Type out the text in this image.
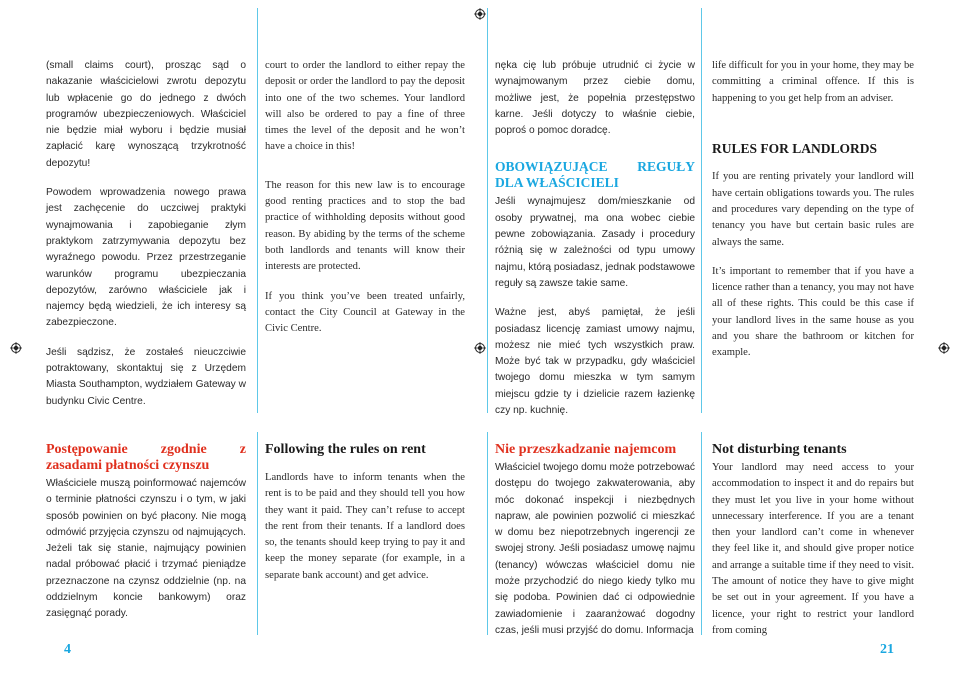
(small claims court), prosząc sąd o nakazanie właścicielowi zwrotu depozytu lub wpłacenie go do jednego z dwóch programów ubezpieczeniowych. Właściciel nie będzie miał wyboru i będzie musiał zapłacić karę wynoszącą trzykrotność depozytu!

Powodem wprowadzenia nowego prawa jest zachęcenie do uczciwej praktyki wynajmowania i zapobieganie złym praktykom zatrzymywania depozytu bez wyraźnego powodu. Przez przestrzeganie warunków programu ubezpieczania depozytów, zarówno właściciele jak i najemcy będą wiedzieli, że ich interesy są zabezpieczone.

Jeśli sądzisz, że zostałeś nieuczciwie potraktowany, skontaktuj się z Urzędem Miasta Southampton, wydziałem Gateway w budynku Civic Centre.

court to order the landlord to either repay the deposit or order the landlord to pay the deposit into one of the two schemes. Your landlord will also be ordered to pay a fine of three times the level of the deposit and he won’t have a choice in this!

The reason for this new law is to encourage good renting practices and to stop the bad practice of withholding deposits without good reason. By abiding by the terms of the scheme both landlords and tenants will know their interests are protected.

If you think you’ve been treated unfairly, contact the City Council at Gateway in the Civic Centre.

nęka cię lub próbuje utrudnić ci życie w wynajmowanym przez ciebie domu, możliwe jest, że popełnia przestępstwo karne. Jeśli dotyczy to właśnie ciebie, poproś o pomoc doradcę.

OBOWIĄZUJĄCE REGUŁY DLA WŁAŚCICIELI

Jeśli wynajmujesz dom/mieszkanie od osoby prywatnej, ma ona wobec ciebie pewne zobowiązania. Zasady i procedury różnią się w zależności od typu umowy najmu, którą posiadasz, jednak podstawowe reguły są zawsze takie same.

Ważne jest, abyś pamiętał, że jeśli posiadasz licencję zamiast umowy najmu, możesz nie mieć tych wszystkich praw. Może być tak w przypadku, gdy właściciel twojego domu mieszka w tym samym miejscu gdzie ty i dzielicie razem łazienkę czy np. kuchnię.

life difficult for you in your home, they may be committing a criminal offence. If this is happening to you get help from an adviser.

RULES FOR LANDLORDS

If you are renting privately your landlord will have certain obligations towards you. The rules and procedures vary depending on the type of tenancy you have but certain basic rules are always the same.

It’s important to remember that if you have a licence rather than a tenancy, you may not have all of these rights. This could be this case if your landlord lives in the same house as you and you share the bathroom or kitchen for example.

Postępowanie zgodnie z zasadami płatności czynszu

Właściciele muszą poinformować najemców o terminie płatności czynszu i o tym, w jaki sposób powinien on być płacony. Nie mogą odmówić przyjęcia czynszu od najmujących. Jeżeli tak się stanie, najmujący powinien nadal próbować płacić i trzymać pieniądze przeznaczone na czynsz oddzielnie (np. na oddzielnym koncie bankowym) oraz zasięgnąć porady.

Following the rules on rent

Landlords have to inform tenants when the rent is to be paid and they should tell you how they want it paid. They can’t refuse to accept the rent from their tenants. If a landlord does so, the tenants should keep trying to pay it and keep the money separate (for example, in a separate bank account) and get advice.

Nie przeszkadzanie najemcom

Właściciel twojego domu może potrzebować dostępu do twojego zakwaterowania, aby móc dokonać inspekcji i niezbędnych napraw, ale powinien pozwolić ci mieszkać w domu bez niepotrzebnych ingerencji ze swojej strony. Jeśli posiadasz umowę najmu (tenancy) wówczas właściciel domu nie może przychodzić do niego kiedy tylko mu się podoba. Powinien dać ci odpowiednie zawiadomienie i zaaranżować dogodny czas, jeśli musi przyjść do domu. Informacja

Not disturbing tenants

Your landlord may need access to your accommodation to inspect it and do repairs but they must let you live in your home without unnecessary interference. If you are a tenant then your landlord can’t come in whenever they feel like it, and should give proper notice and arrange a suitable time if they need to visit. The amount of notice they have to give might be set out in your agreement. If you have a licence, your right to restrict your landlord from coming

4	21
